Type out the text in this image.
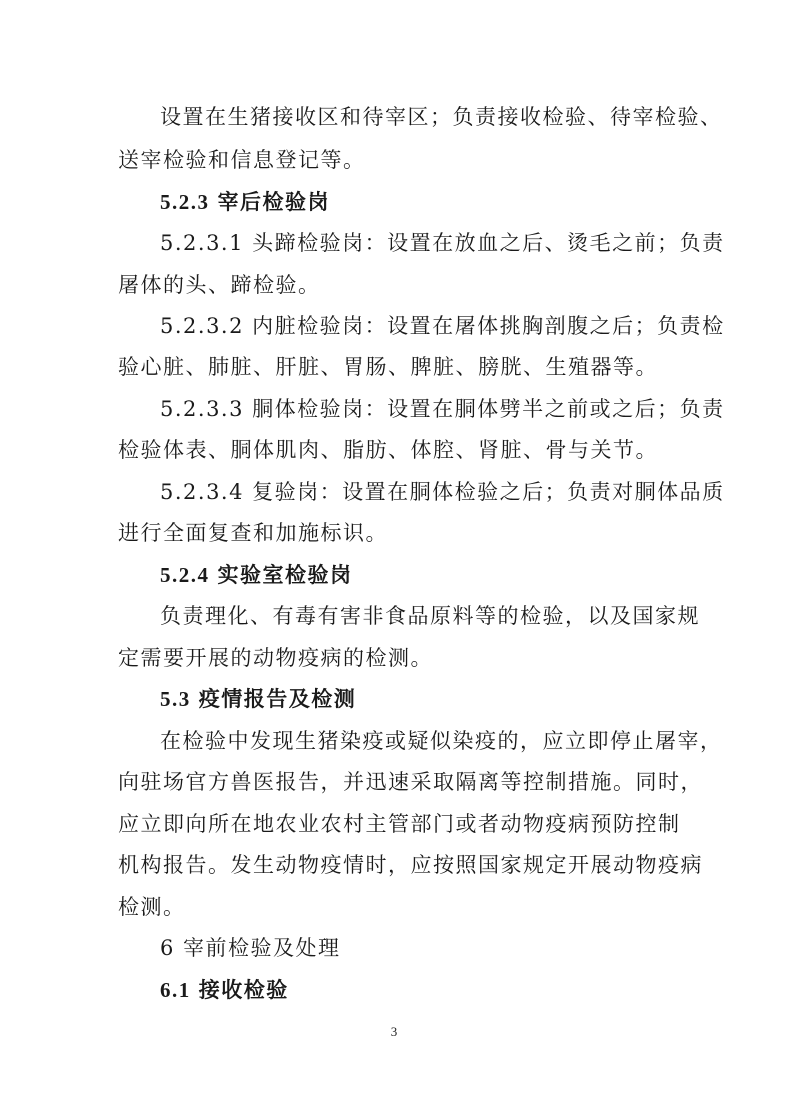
设置在生猪接收区和待宰区；负责接收检验、待宰检验、
送宰检验和信息登记等。
5.2.3 宰后检验岗
5.2.3.1 头蹄检验岗：设置在放血之后、烫毛之前；负责
屠体的头、蹄检验。
5.2.3.2 内脏检验岗：设置在屠体挑胸剖腹之后；负责检
验心脏、肺脏、肝脏、胃肠、脾脏、膀胱、生殖器等。
5.2.3.3 胴体检验岗：设置在胴体劈半之前或之后；负责
检验体表、胴体肌肉、脂肪、体腔、肾脏、骨与关节。
5.2.3.4 复验岗：设置在胴体检验之后；负责对胴体品质
进行全面复查和加施标识。
5.2.4 实验室检验岗
负责理化、有毒有害非食品原料等的检验，以及国家规
定需要开展的动物疫病的检测。
5.3 疫情报告及检测
在检验中发现生猪染疫或疑似染疫的，应立即停止屠宰，
向驻场官方兽医报告，并迅速采取隔离等控制措施。同时，
应立即向所在地农业农村主管部门或者动物疫病预防控制
机构报告。发生动物疫情时，应按照国家规定开展动物疫病
检测。
6 宰前检验及处理
6.1 接收检验
3
